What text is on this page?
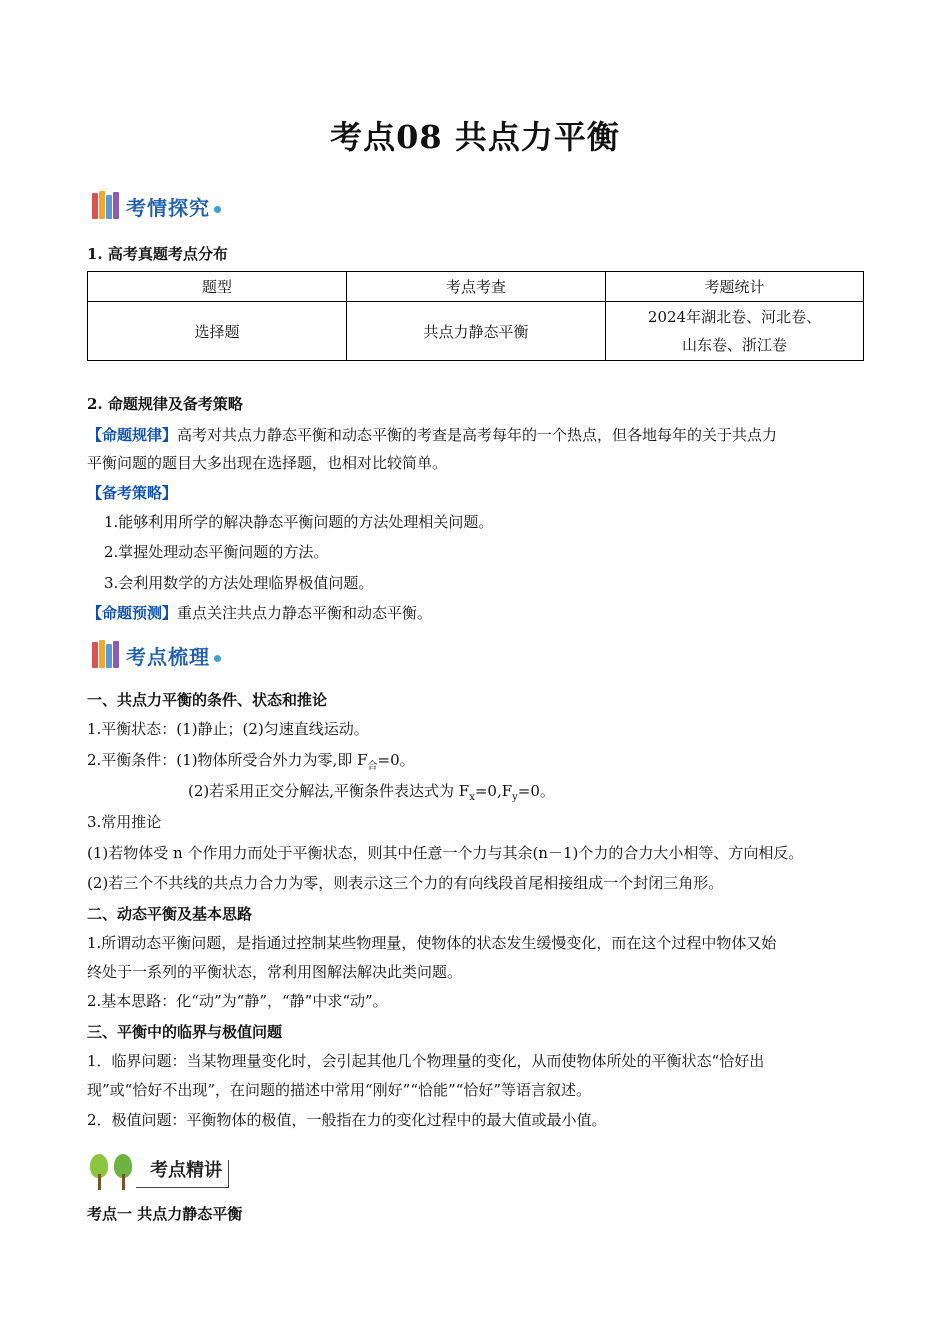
考点08 共点力平衡
考情探究
1. 高考真题考点分布
题型	考点考查	考题统计
选择题	共点力静态平衡	2024年湖北卷、河北卷、
山东卷、浙江卷
2. 命题规律及备考策略
【命题规律】高考对共点力静态平衡和动态平衡的考查是高考每年的一个热点，但各地每年的关于共点力
平衡问题的题目大多出现在选择题，也相对比较简单。
【备考策略】
1.能够利用所学的解决静态平衡问题的方法处理相关问题。
2.掌握处理动态平衡问题的方法。
3.会利用数学的方法处理临界极值问题。
【命题预测】重点关注共点力静态平衡和动态平衡。
考点梳理
一、共点力平衡的条件、状态和推论
1.平衡状态：(1)静止；(2)匀速直线运动。
2.平衡条件：(1)物体所受合外力为零,即 $F_合=0$。
(2)若采用正交分解法,平衡条件表达式为 $F_x=0,F_y=0$。
3.常用推论
(1)若物体受 n 个作用力而处于平衡状态，则其中任意一个力与其余(n－1)个力的合力大小相等、方向相反。
(2)若三个不共线的共点力合力为零，则表示这三个力的有向线段首尾相接组成一个封闭三角形。
二、动态平衡及基本思路
1.所谓动态平衡问题，是指通过控制某些物理量，使物体的状态发生缓慢变化，而在这个过程中物体又始
终处于一系列的平衡状态，常利用图解法解决此类问题。
2.基本思路：化“动”为“静”，“静”中求“动”。
三、平衡中的临界与极值问题
1．临界问题：当某物理量变化时，会引起其他几个物理量的变化，从而使物体所处的平衡状态“恰好出
现”或“恰好不出现”，在问题的描述中常用“刚好”“恰能”“恰好”等语言叙述。
2．极值问题：平衡物体的极值，一般指在力的变化过程中的最大值或最小值。
考点精讲
考点一 共点力静态平衡
